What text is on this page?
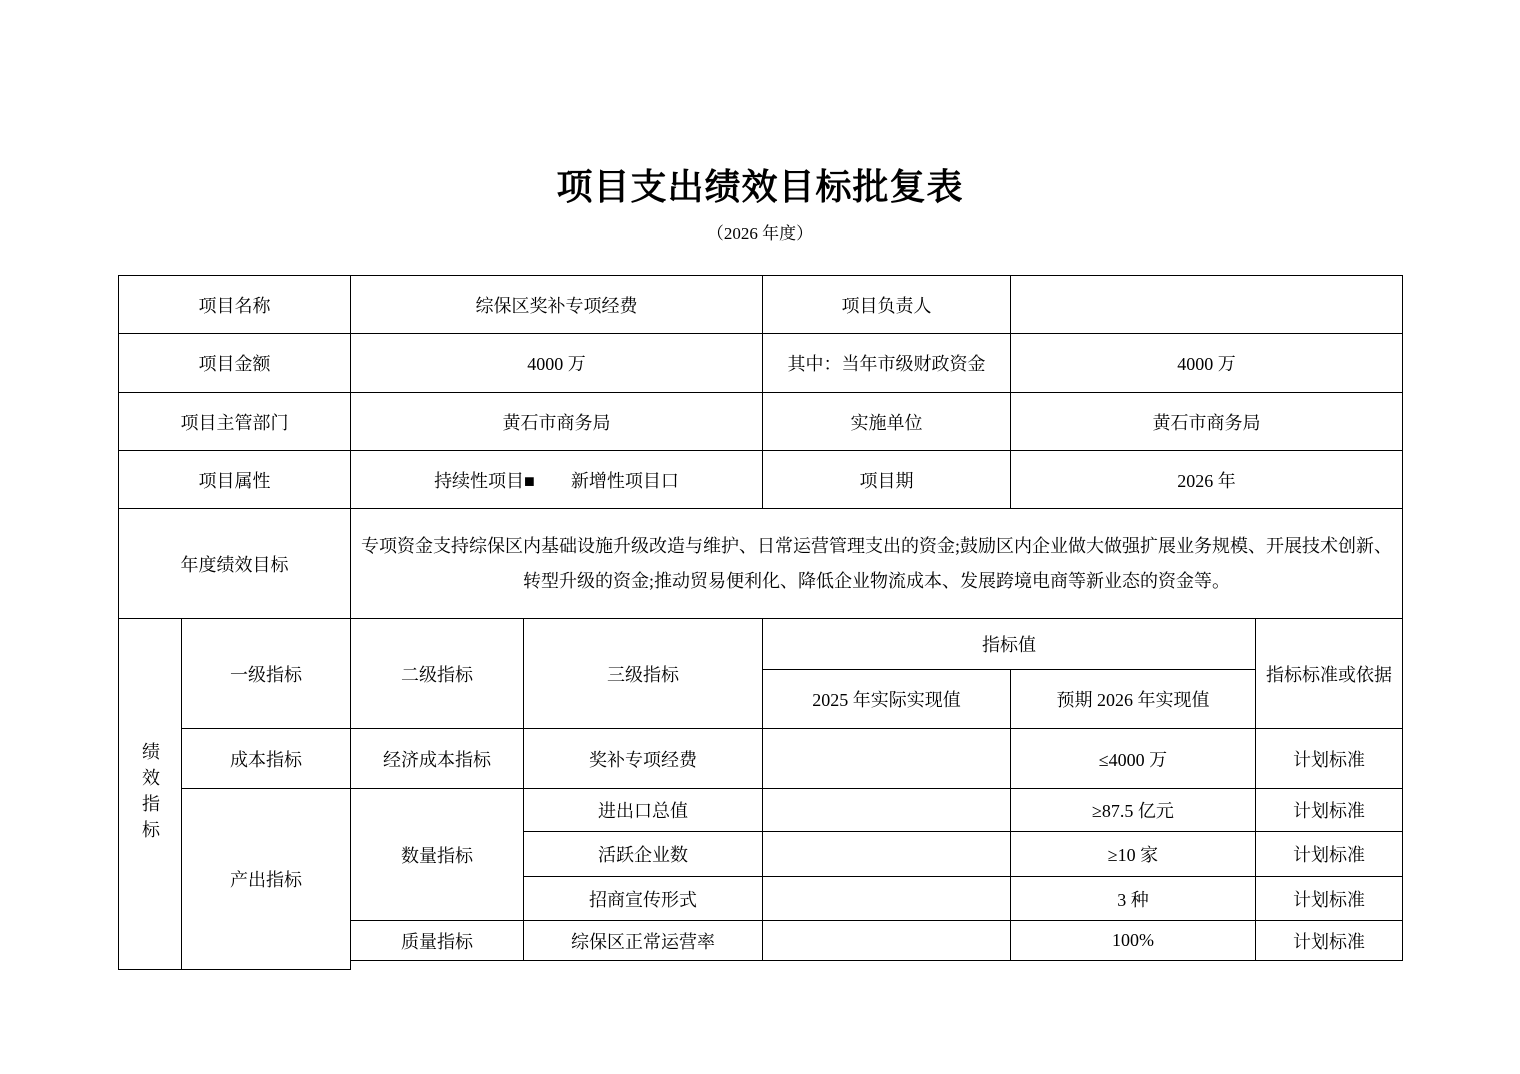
项目支出绩效目标批复表
（2026 年度）
项目名称		综保区奖补专项经费		项目负责人		
项目金额		4000 万		其中：当年市级财政资金	4000 万	
项目主管部门		黄石市商务局		实施单位	黄石市商务局	
项目属性		持续性项目■　　新增性项目口		项目期	2026 年	
年度绩效目标		专项资金支持综保区内基础设施升级改造与维护、日常运营管理支出的资金;鼓励区内企业做大做强扩展业务规模、开展技术创新、转型升级的资金;推动贸易便利化、降低企业物流成本、发展跨境电商等新业态的资金等。				

绩效指标	一级指标	二级指标	三级指标	指标值		指标标准或依据
				2025 年实际实现值	预期 2026 年实现值	
	成本指标	经济成本指标	奖补专项经费		≤4000 万	计划标准
	产出指标	数量指标	进出口总值		≥87.5 亿元	计划标准
			活跃企业数		≥10 家	计划标准
			招商宣传形式		3 种	计划标准
		质量指标	综保区正常运营率		100%	计划标准
